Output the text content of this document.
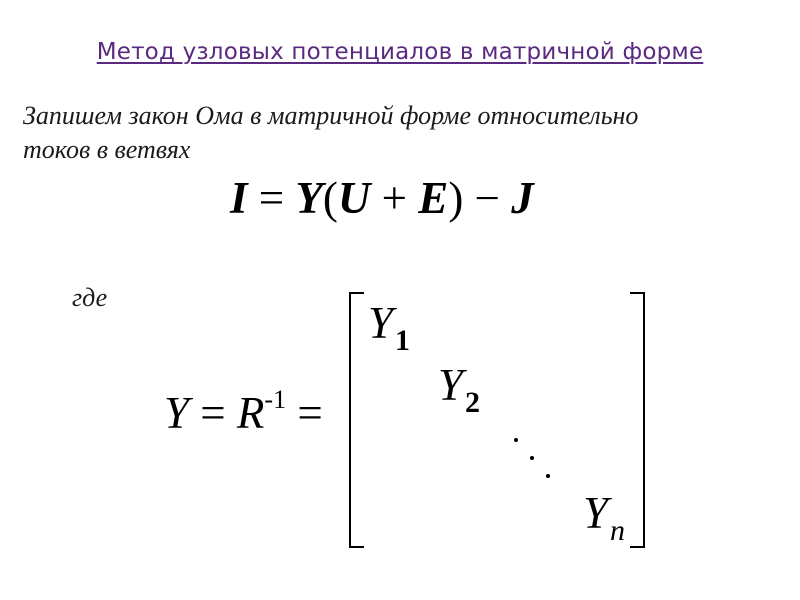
Метод узловых потенциалов в матричной форме
Запишем закон Ома в матричной форме относительно
токов в ветвях
I = Y(U + E) − J
где
$Y = R^{-1}$ =
$Y_1$
$Y_2$
$Y_n$
